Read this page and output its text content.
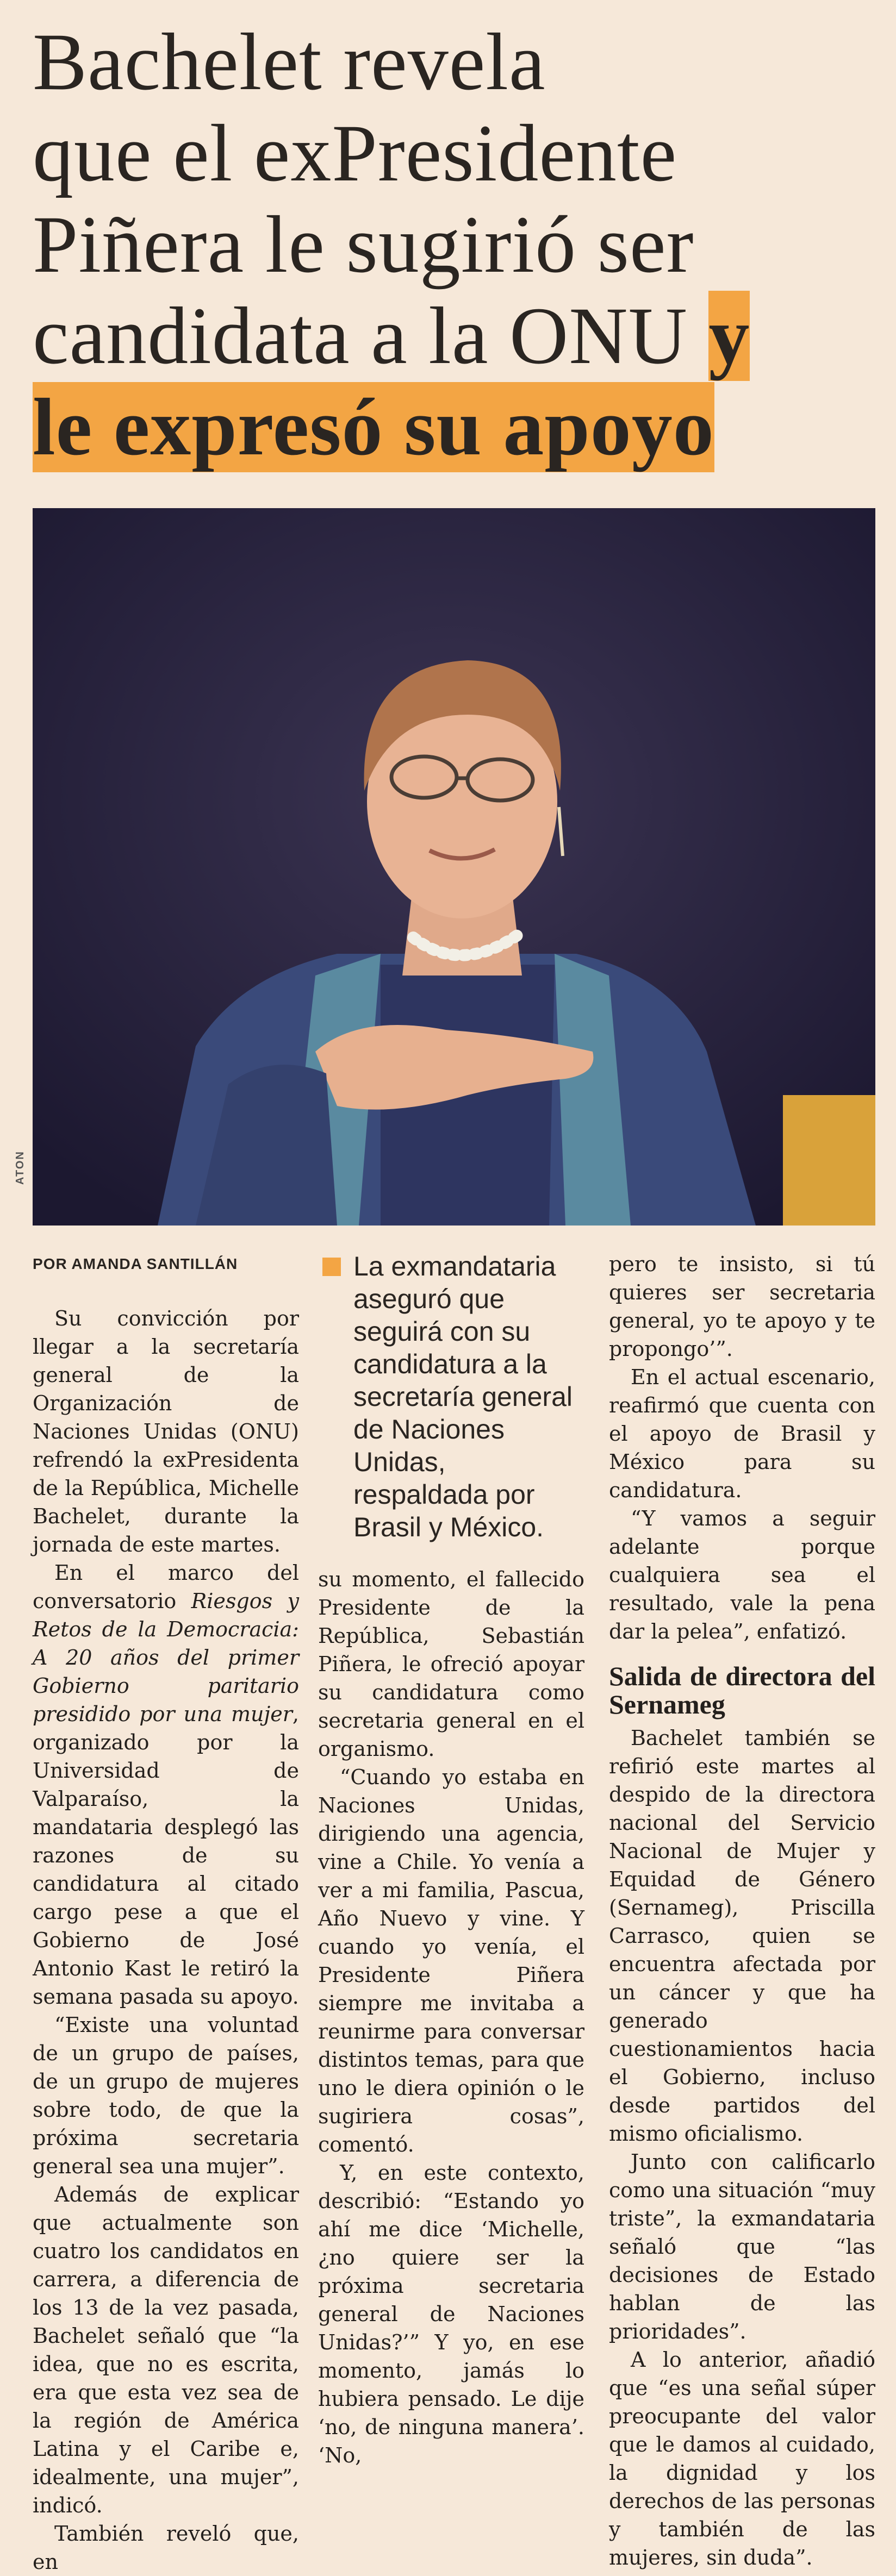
Bachelet revela
que el exPresidente
Piñera le sugirió ser
candidata a la ONU y
le expresó su apoyo
ATON
POR AMANDA SANTILLÁN

Su convicción por llegar a la secretaría general de la Organización de Naciones Unidas (ONU) refrendó la exPresidenta de la República, Michelle Bachelet, durante la jornada de este martes.

En el marco del conversatorio Riesgos y Retos de la Democracia: A 20 años del primer Gobierno paritario presidido por una mujer, organizado por la Universidad de Valparaíso, la mandataria desplegó las razones de su candidatura al citado cargo pese a que el Gobierno de José Antonio Kast le retiró la semana pasada su apoyo.

“Existe una voluntad de un grupo de países, de un grupo de mujeres sobre todo, de que la próxima secretaria general sea una mujer”.

Además de explicar que actualmente son cuatro los candidatos en carrera, a diferencia de los 13 de la vez pasada, Bachelet señaló que “la idea, que no es escrita, era que esta vez sea de la región de América Latina y el Caribe e, idealmente, una mujer”, indicó.

También reveló que, en

La exmandataria aseguró que seguirá con su candidatura a la secretaría general de Naciones Unidas, respaldada por Brasil y México.

su momento, el fallecido Presidente de la República, Sebastián Piñera, le ofreció apoyar su candidatura como secretaria general en el organismo.

“Cuando yo estaba en Naciones Unidas, dirigiendo una agencia, vine a Chile. Yo venía a ver a mi familia, Pascua, Año Nuevo y vine. Y cuando yo venía, el Presidente Piñera siempre me invitaba a reunirme para conversar distintos temas, para que uno le diera opinión o le sugiriera cosas”, comentó.

Y, en este contexto, describió: “Estando yo ahí me dice ‘Michelle, ¿no quiere ser la próxima secretaria general de Naciones Unidas?’” Y yo, en ese momento, jamás lo hubiera pensado. Le dije ‘no, de ninguna manera’. ‘No,

pero te insisto, si tú quieres ser secretaria general, yo te apoyo y te propongo’”.

En el actual escenario, reafirmó que cuenta con el apoyo de Brasil y México para su candidatura.

“Y vamos a seguir adelante porque cualquiera sea el resultado, vale la pena dar la pelea”, enfatizó.

Salida de directora del Sernameg

Bachelet también se refirió este martes al despido de la directora nacional del Servicio Nacional de Mujer y Equidad de Género (Sernameg), Priscilla Carrasco, quien se encuentra afectada por un cáncer y que ha generado cuestionamientos hacia el Gobierno, incluso desde partidos del mismo oficialismo.

Junto con calificarlo como una situación “muy triste”, la exmandataria señaló que “las decisiones de Estado hablan de las prioridades”.

A lo anterior, añadió que “es una señal súper preocupante del valor que le damos al cuidado, la dignidad y los derechos de las personas y también de las mujeres, sin duda”.
